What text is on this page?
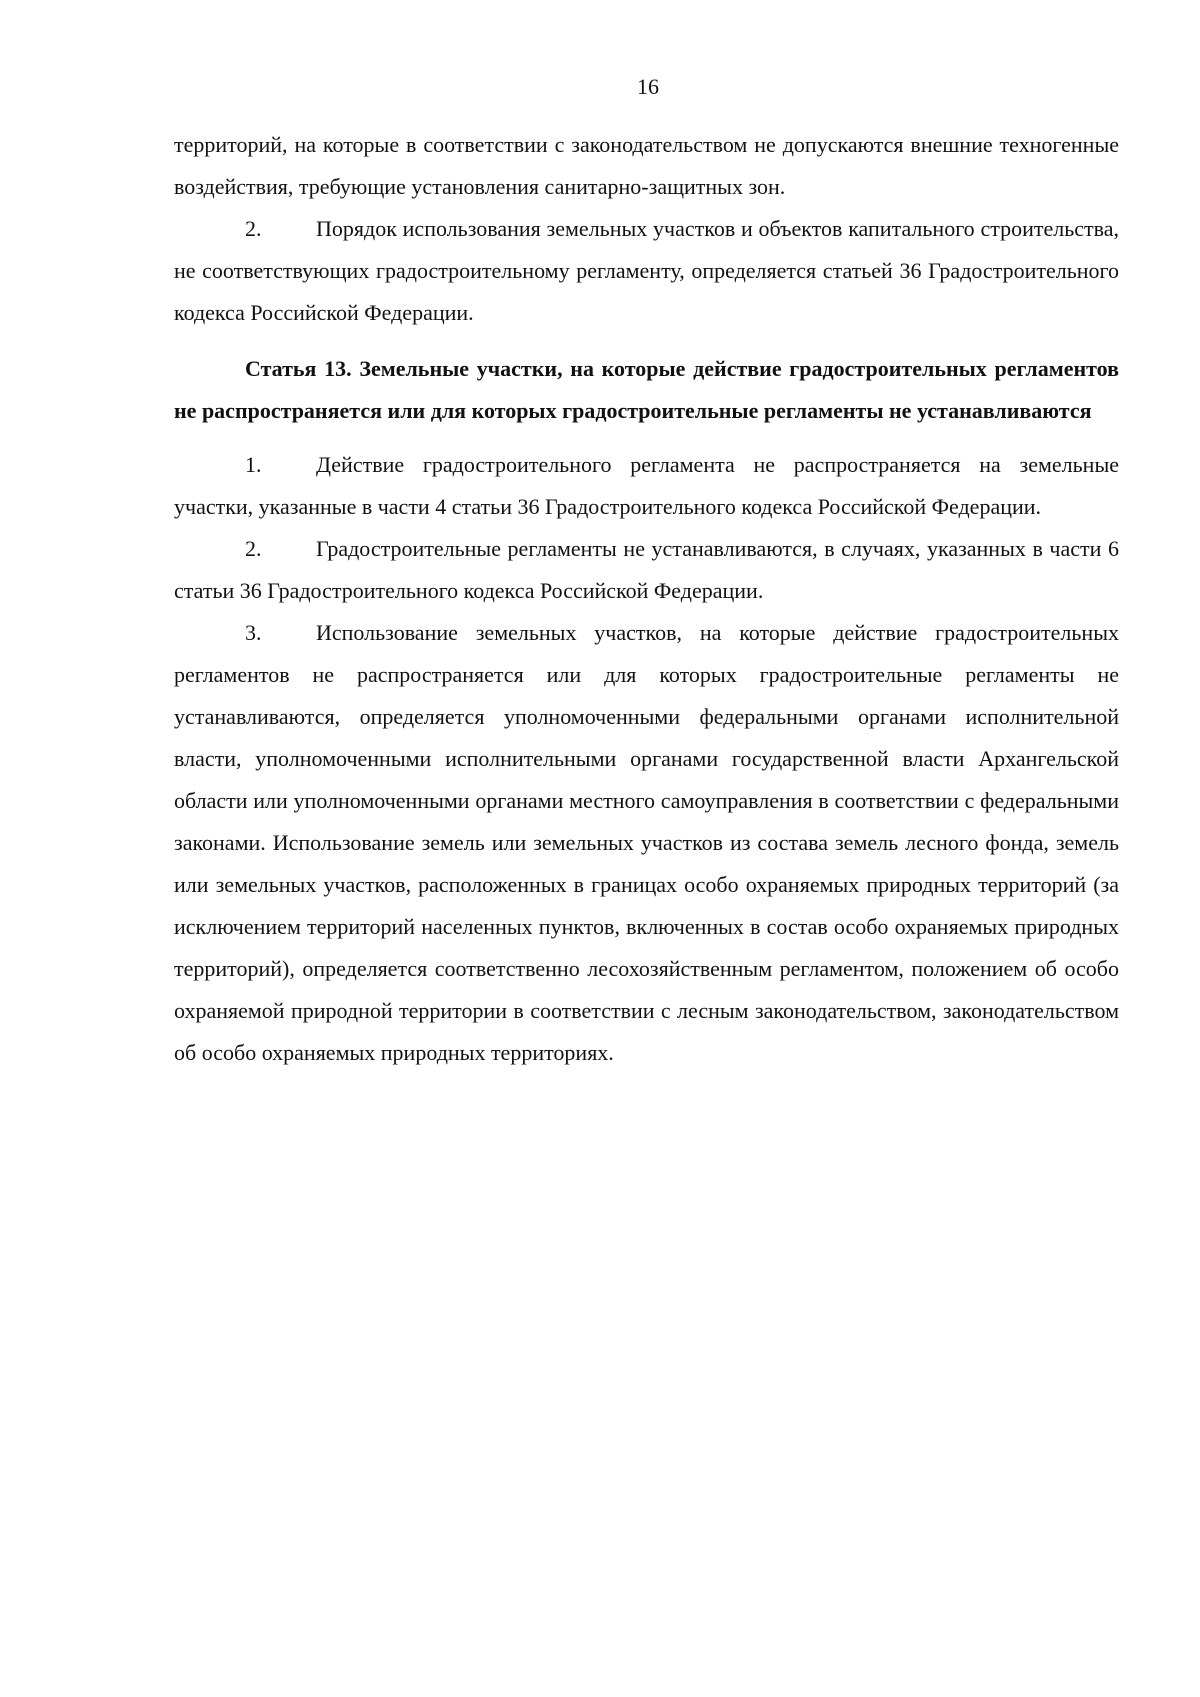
16

территорий, на которые в соответствии с законодательством не допускаются внешние техногенные воздействия, требующие установления санитарно-защитных зон.

2. Порядок использования земельных участков и объектов капитального строительства, не соответствующих градостроительному регламенту, определяется статьей 36 Градостроительного кодекса Российской Федерации.

Статья 13. Земельные участки, на которые действие градостроительных регламентов не распространяется или для которых градостроительные регламенты не устанавливаются

1. Действие градостроительного регламента не распространяется на земельные участки, указанные в части 4 статьи 36 Градостроительного кодекса Российской Федерации.

2. Градостроительные регламенты не устанавливаются, в случаях, указанных в части 6 статьи 36 Градостроительного кодекса Российской Федерации.

3. Использование земельных участков, на которые действие градостроительных регламентов не распространяется или для которых градостроительные регламенты не устанавливаются, определяется уполномоченными федеральными органами исполнительной власти, уполномоченными исполнительными органами государственной власти Архангельской области или уполномоченными органами местного самоуправления в соответствии с федеральными законами. Использование земель или земельных участков из состава земель лесного фонда, земель или земельных участков, расположенных в границах особо охраняемых природных территорий (за исключением территорий населенных пунктов, включенных в состав особо охраняемых природных территорий), определяется соответственно лесохозяйственным регламентом, положением об особо охраняемой природной территории в соответствии с лесным законодательством, законодательством об особо охраняемых природных территориях.
